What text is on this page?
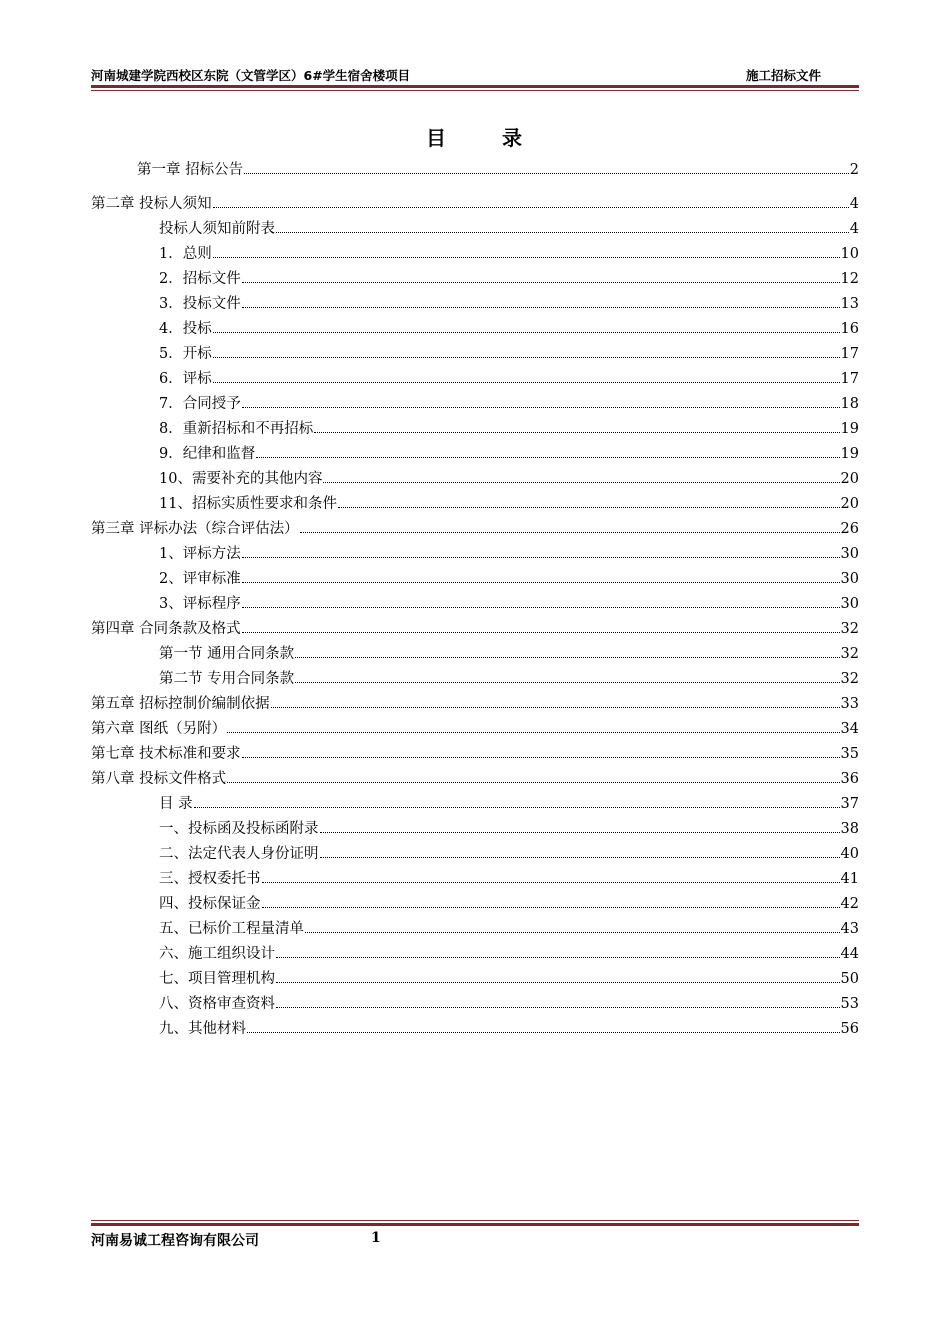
河南城建学院西校区东院（文管学区）6#学生宿舍楼项目	施工招标文件
目	录
第一章 招标公告	2
第二章 投标人须知	4
投标人须知前附表	4
1．总则	10
2．招标文件	12
3．投标文件	13
4．投标	16
5．开标	17
6．评标	17
7．合同授予	18
8．重新招标和不再招标	19
9．纪律和监督	19
10、需要补充的其他内容	20
11、招标实质性要求和条件	20
第三章 评标办法（综合评估法）	26
1、评标方法	30
2、评审标准	30
3、评标程序	30
第四章 合同条款及格式	32
第一节 通用合同条款	32
第二节 专用合同条款	32
第五章 招标控制价编制依据	33
第六章 图纸（另附）	34
第七章 技术标准和要求	35
第八章 投标文件格式	36
目 录	37
一、投标函及投标函附录	38
二、法定代表人身份证明	40
三、授权委托书	41
四、投标保证金	42
五、已标价工程量清单	43
六、施工组织设计	44
七、项目管理机构	50
八、资格审查资料	53
九、其他材料	56
河南易诚工程咨询有限公司	1
